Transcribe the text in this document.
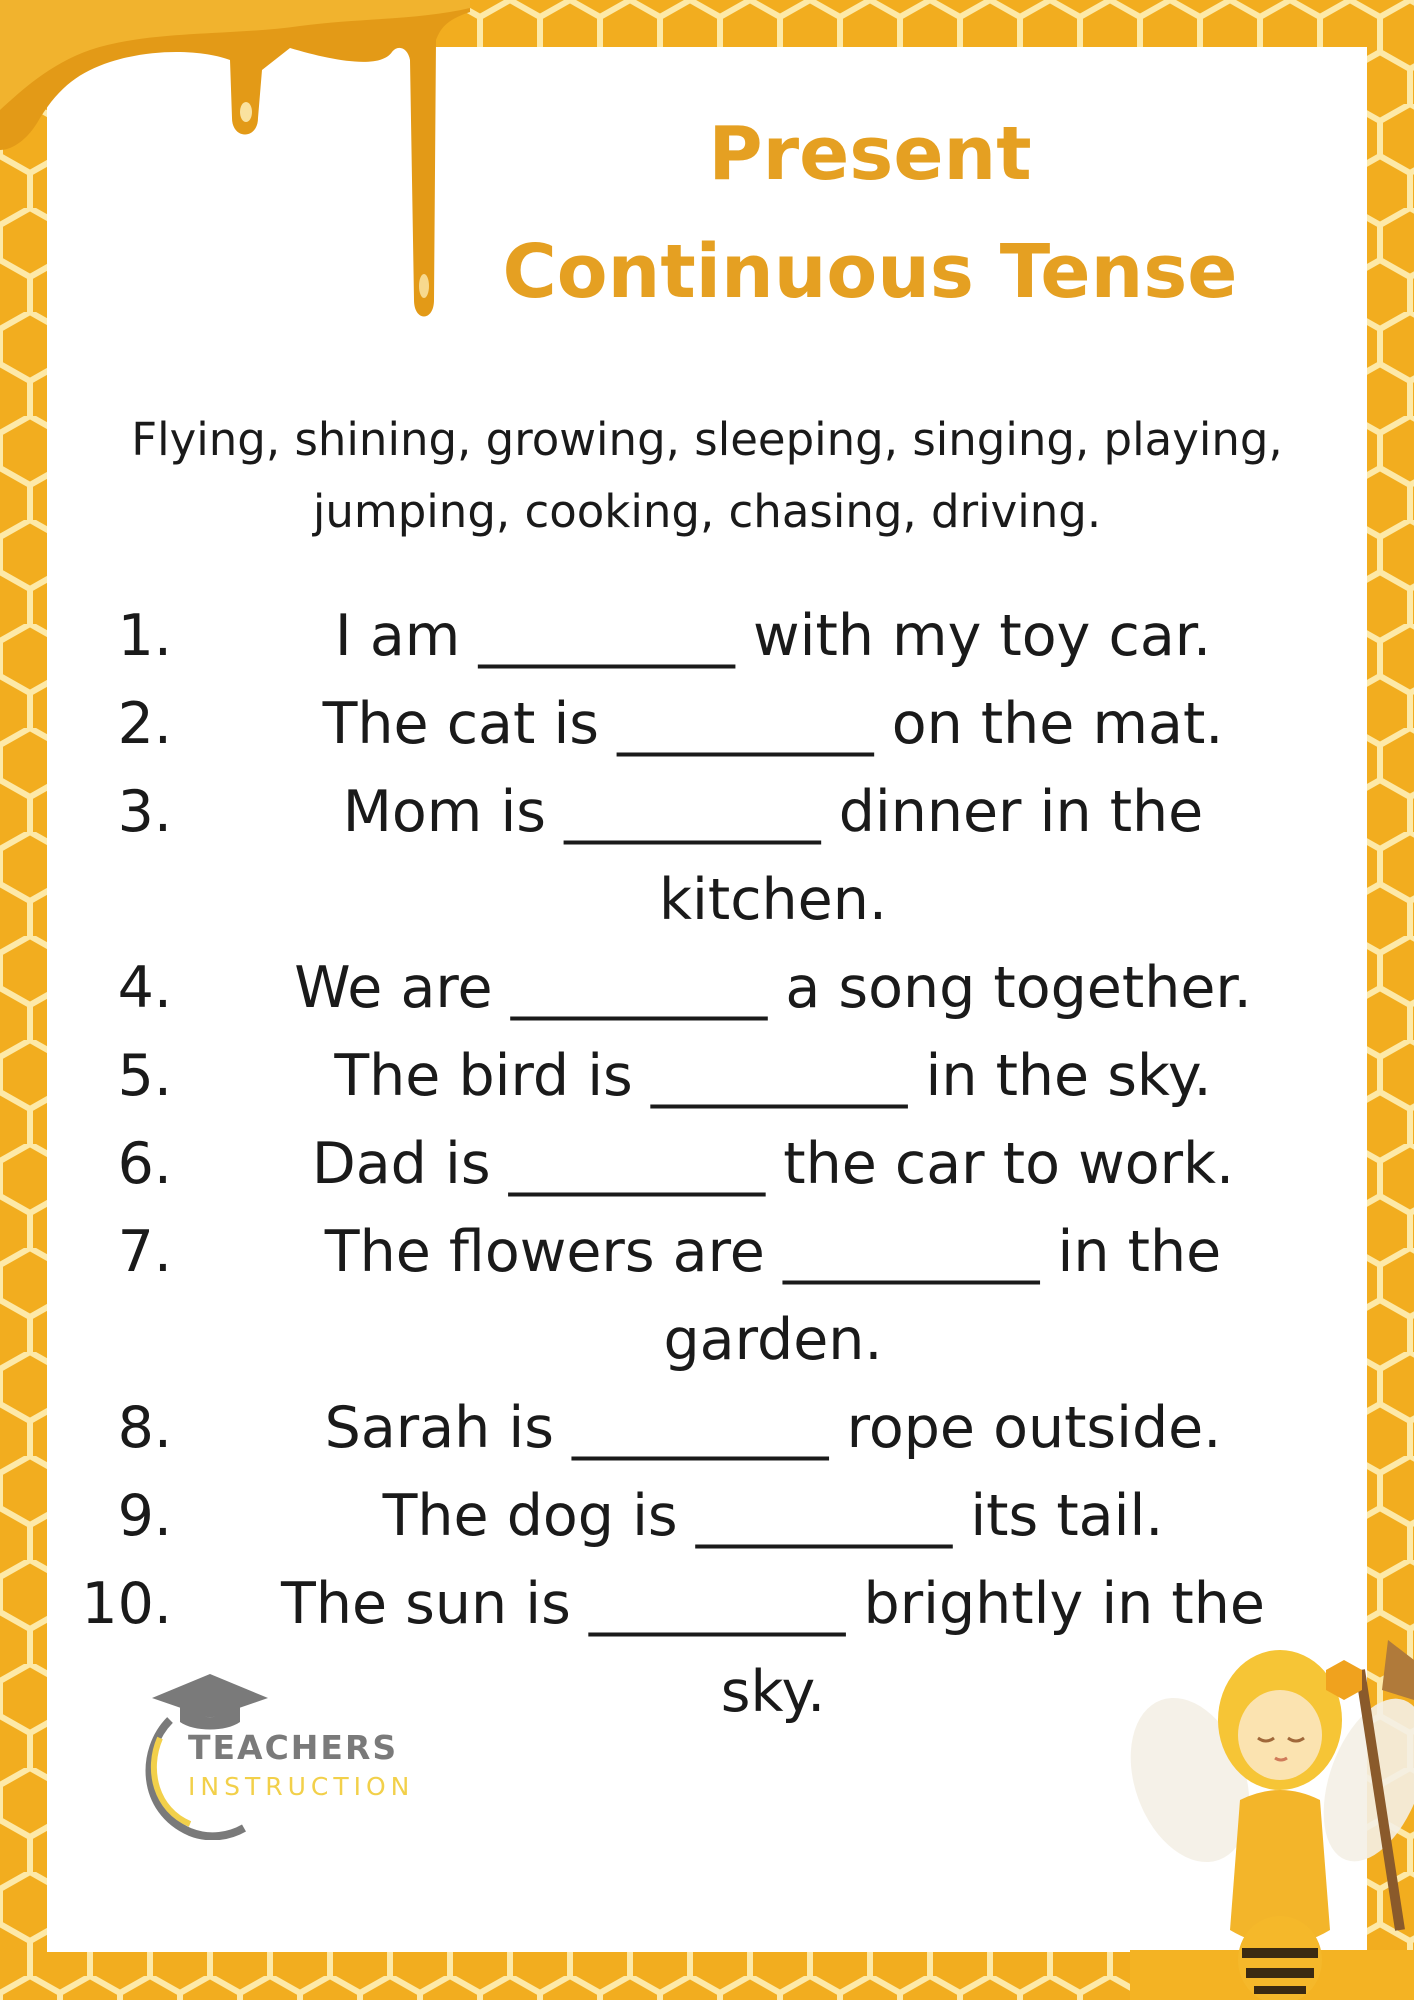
Present
Continuous Tense

Flying, shining, growing, sleeping, singing, playing,
jumping, cooking, chasing, driving.

1.	I am _________ with my toy car.
2.	The cat is _________ on the mat.
3.	Mom is _________ dinner in the
kitchen.
4.	We are _________ a song together.
5.	The bird is _________ in the sky.
6.	Dad is _________ the car to work.
7.	The flowers are _________ in the
garden.
8.	Sarah is _________ rope outside.
9.	The dog is _________ its tail.
10.	The sun is _________ brightly in the
sky.
TEACHERS
INSTRUCTION
